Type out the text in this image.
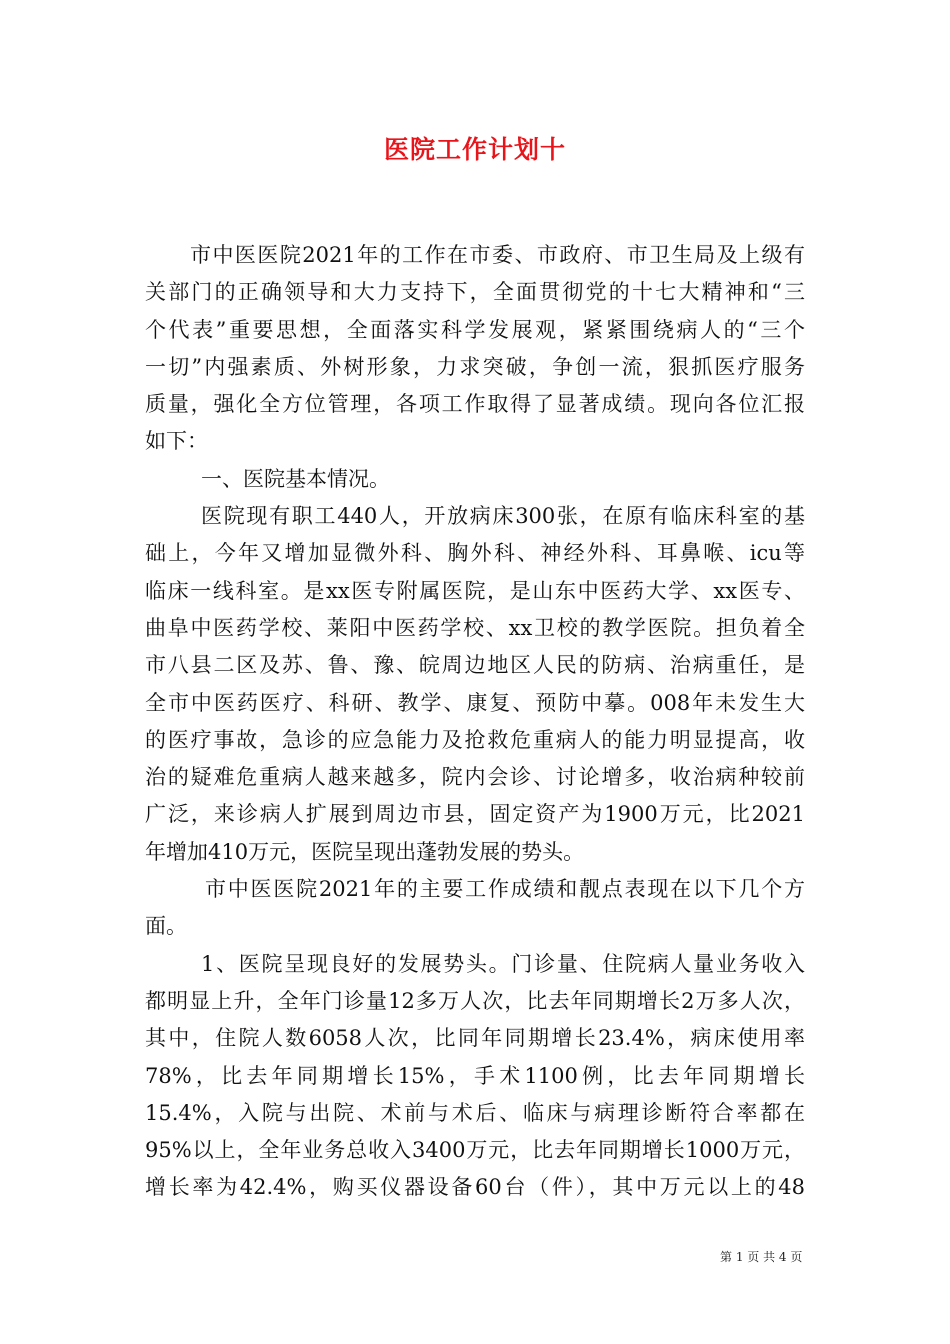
医院工作计划十
市中医医院2021年的工作在市委、市政府、市卫生局及上级有
关部门的正确领导和大力支持下，全面贯彻党的十七大精神和“三
个代表”重要思想，全面落实科学发展观，紧紧围绕病人的“三个
一切”内强素质、外树形象，力求突破，争创一流，狠抓医疗服务
质量，强化全方位管理，各项工作取得了显著成绩。现向各位汇报
如下：
一、医院基本情况。
医院现有职工440人，开放病床300张，在原有临床科室的基
础上，今年又增加显微外科、胸外科、神经外科、耳鼻喉、icu等
临床一线科室。是xx医专附属医院，是山东中医药大学、xx医专、
曲阜中医药学校、莱阳中医药学校、xx卫校的教学医院。担负着全
市八县二区及苏、鲁、豫、皖周边地区人民的防病、治病重任，是
全市中医药医疗、科研、教学、康复、预防中摹。008年未发生大
的医疗事故，急诊的应急能力及抢救危重病人的能力明显提高，收
治的疑难危重病人越来越多，院内会诊、讨论增多，收治病种较前
广泛，来诊病人扩展到周边市县，固定资产为1900万元，比2021
年增加410万元，医院呈现出蓬勃发展的势头。
市中医医院2021年的主要工作成绩和靓点表现在以下几个方
面。
1、医院呈现良好的发展势头。门诊量、住院病人量业务收入
都明显上升，全年门诊量12多万人次，比去年同期增长2万多人次，
其中，住院人数6058人次，比同年同期增长23.4%，病床使用率
78%，比去年同期增长15%，手术1100例，比去年同期增长
15.4%，入院与出院、术前与术后、临床与病理诊断符合率都在
95%以上，全年业务总收入3400万元，比去年同期增长1000万元，
增长率为42.4%，购买仪器设备60台（件），其中万元以上的48
第 1 页 共 4 页
